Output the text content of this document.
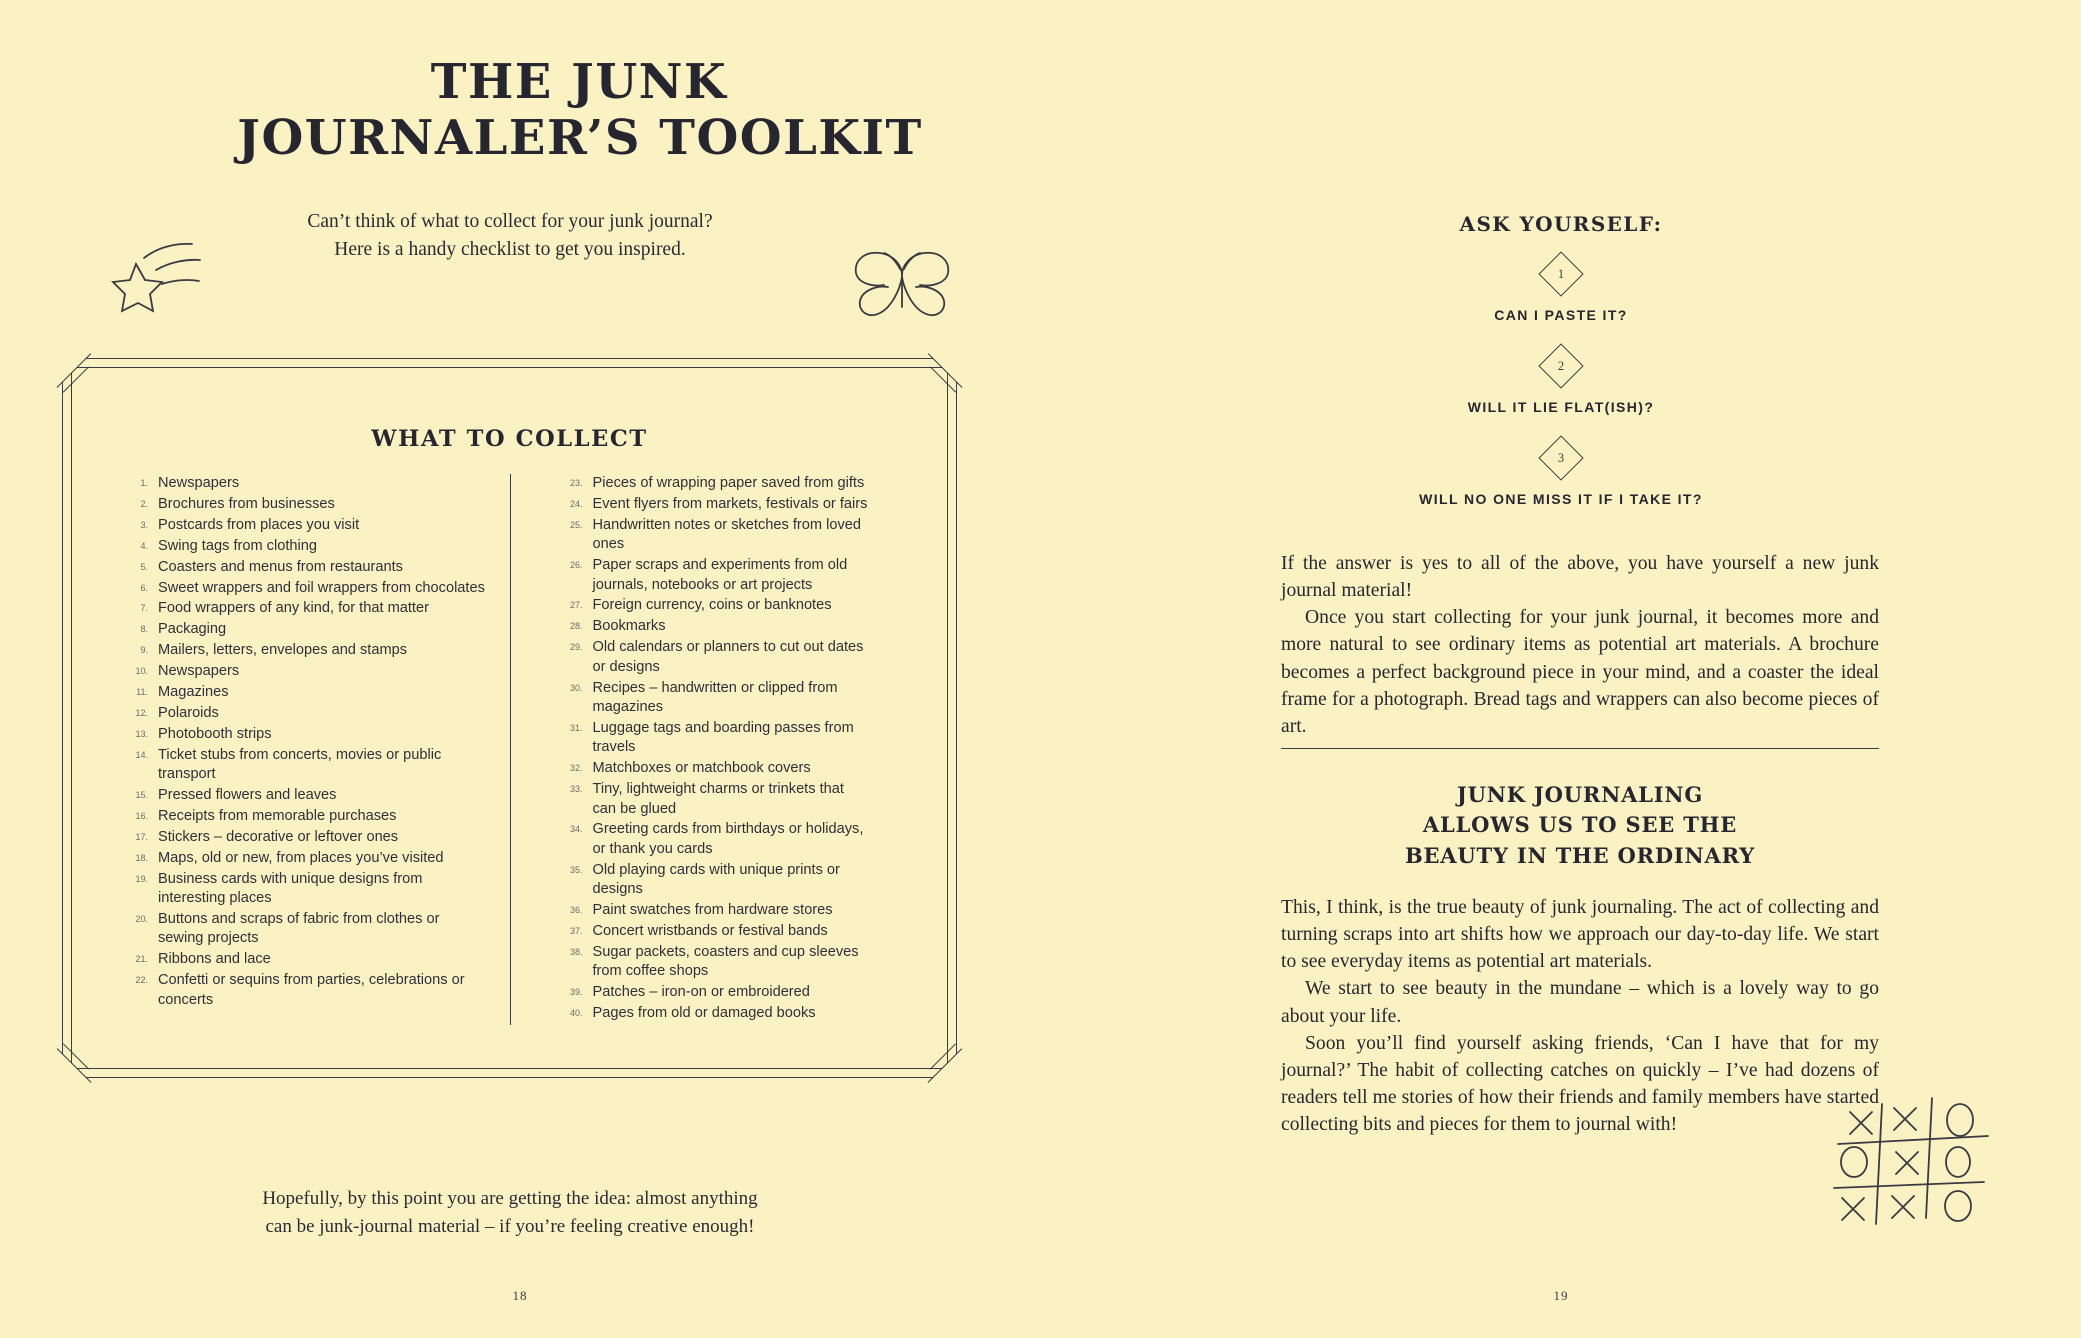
THE JUNK
JOURNALER’S TOOLKIT
Can’t think of what to collect for your junk journal?
Here is a handy checklist to get you inspired.
WHAT TO COLLECT
1. Newspapers
2. Brochures from businesses
3. Postcards from places you visit
4. Swing tags from clothing
5. Coasters and menus from restaurants
6. Sweet wrappers and foil wrappers from chocolates
7. Food wrappers of any kind, for that matter
8. Packaging
9. Mailers, letters, envelopes and stamps
10. Newspapers
11. Magazines
12. Polaroids
13. Photobooth strips
14. Ticket stubs from concerts, movies or public transport
15. Pressed flowers and leaves
16. Receipts from memorable purchases
17. Stickers – decorative or leftover ones
18. Maps, old or new, from places you’ve visited
19. Business cards with unique designs from interesting places
20. Buttons and scraps of fabric from clothes or sewing projects
21. Ribbons and lace
22. Confetti or sequins from parties, celebrations or concerts
23. Pieces of wrapping paper saved from gifts
24. Event flyers from markets, festivals or fairs
25. Handwritten notes or sketches from loved ones
26. Paper scraps and experiments from old journals, notebooks or art projects
27. Foreign currency, coins or banknotes
28. Bookmarks
29. Old calendars or planners to cut out dates or designs
30. Recipes – handwritten or clipped from magazines
31. Luggage tags and boarding passes from travels
32. Matchboxes or matchbook covers
33. Tiny, lightweight charms or trinkets that can be glued
34. Greeting cards from birthdays or holidays, or thank you cards
35. Old playing cards with unique prints or designs
36. Paint swatches from hardware stores
37. Concert wristbands or festival bands
38. Sugar packets, coasters and cup sleeves from coffee shops
39. Patches – iron-on or embroidered
40. Pages from old or damaged books
Hopefully, by this point you are getting the idea: almost anything
can be junk-journal material – if you’re feeling creative enough!
18
ASK YOURSELF:
1
CAN I PASTE IT?
2
WILL IT LIE FLAT(ISH)?
3
WILL NO ONE MISS IT IF I TAKE IT?

If the answer is yes to all of the above, you have yourself a new junk journal material!

Once you start collecting for your junk journal, it becomes more and more natural to see ordinary items as potential art materials. A brochure becomes a perfect background piece in your mind, and a coaster the ideal frame for a photograph. Bread tags and wrappers can also become pieces of art.

JUNK JOURNALING
ALLOWS US TO SEE THE
BEAUTY IN THE ORDINARY

This, I think, is the true beauty of junk journaling. The act of collecting and turning scraps into art shifts how we approach our day-to-day life. We start to see everyday items as potential art materials.

We start to see beauty in the mundane – which is a lovely way to go about your life.

Soon you’ll find yourself asking friends, ‘Can I have that for my journal?’ The habit of collecting catches on quickly – I’ve had dozens of readers tell me stories of how their friends and family members have started collecting bits and pieces for them to journal with!

19
